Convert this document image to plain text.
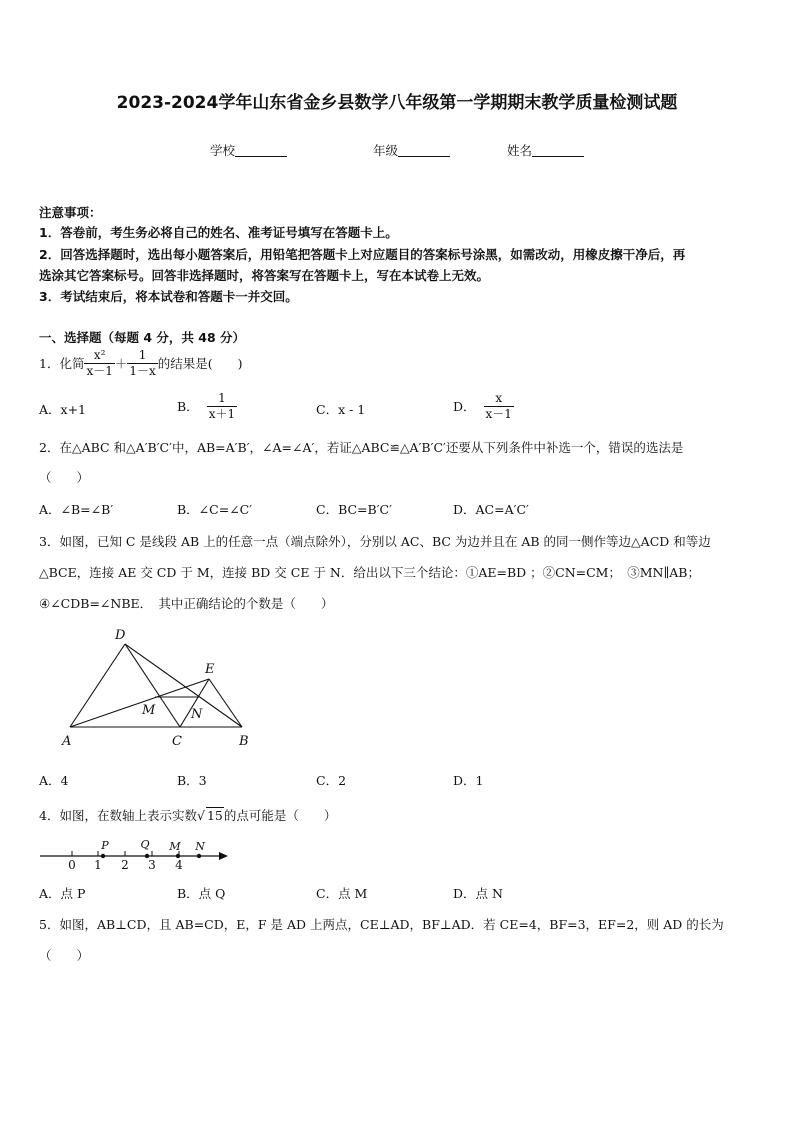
2023-2024学年山东省金乡县数学八年级第一学期期末教学质量检测试题
学校	年级	姓名
注意事项：
1．答卷前，考生务必将自己的姓名、准考证号填写在答题卡上。
2．回答选择题时，选出每小题答案后，用铅笔把答题卡上对应题目的答案标号涂黑，如需改动，用橡皮擦干净后，再
选涂其它答案标号。回答非选择题时，将答案写在答题卡上，写在本试卷上无效。
3．考试结束后，将本试卷和答题卡一并交回。
一、选择题（每题 4 分，共 48 分）
1．化简 $\frac{\text{x²}}{x-1} + \frac{1}{1-x}$ 的结果是(　　)
A．x+1	B． $\frac{1}{x+1}$	C．x - 1	D． $\frac{x}{x-1}$
2．在△ABC 和△A′B′C′中，AB=A′B′，∠A=∠A′，若证△ABC≌△A′B′C′还要从下列条件中补选一个，错误的选法是
（　　）
A．∠B=∠B′	B．∠C=∠C′	C．BC=B′C′	D．AC=A′C′
3．如图，已知 C 是线段 AB 上的任意一点（端点除外），分别以 AC、BC 为边并且在 AB 的同一侧作等边△ACD 和等边
△BCE，连接 AE 交 CD 于 M，连接 BD 交 CE 于 N．给出以下三个结论：①AE=BD ；②CN=CM；　③MN∥AB；
④∠CDB=∠NBE．　其中正确结论的个数是（　　）
D
E
M	N
A	C	B
A．4	B．3	C．2	D．1
4．如图，在数轴上表示实数√ 15的点可能是（　　）
0 1 2 3 4
P	Q M N
A．点 P	B．点 Q	C．点 M	D．点 N
5．如图，AB⊥CD，且 AB=CD，E，F 是 AD 上两点，CE⊥AD，BF⊥AD．若 CE=4，BF=3，EF=2，则 AD 的长为
（　　）
